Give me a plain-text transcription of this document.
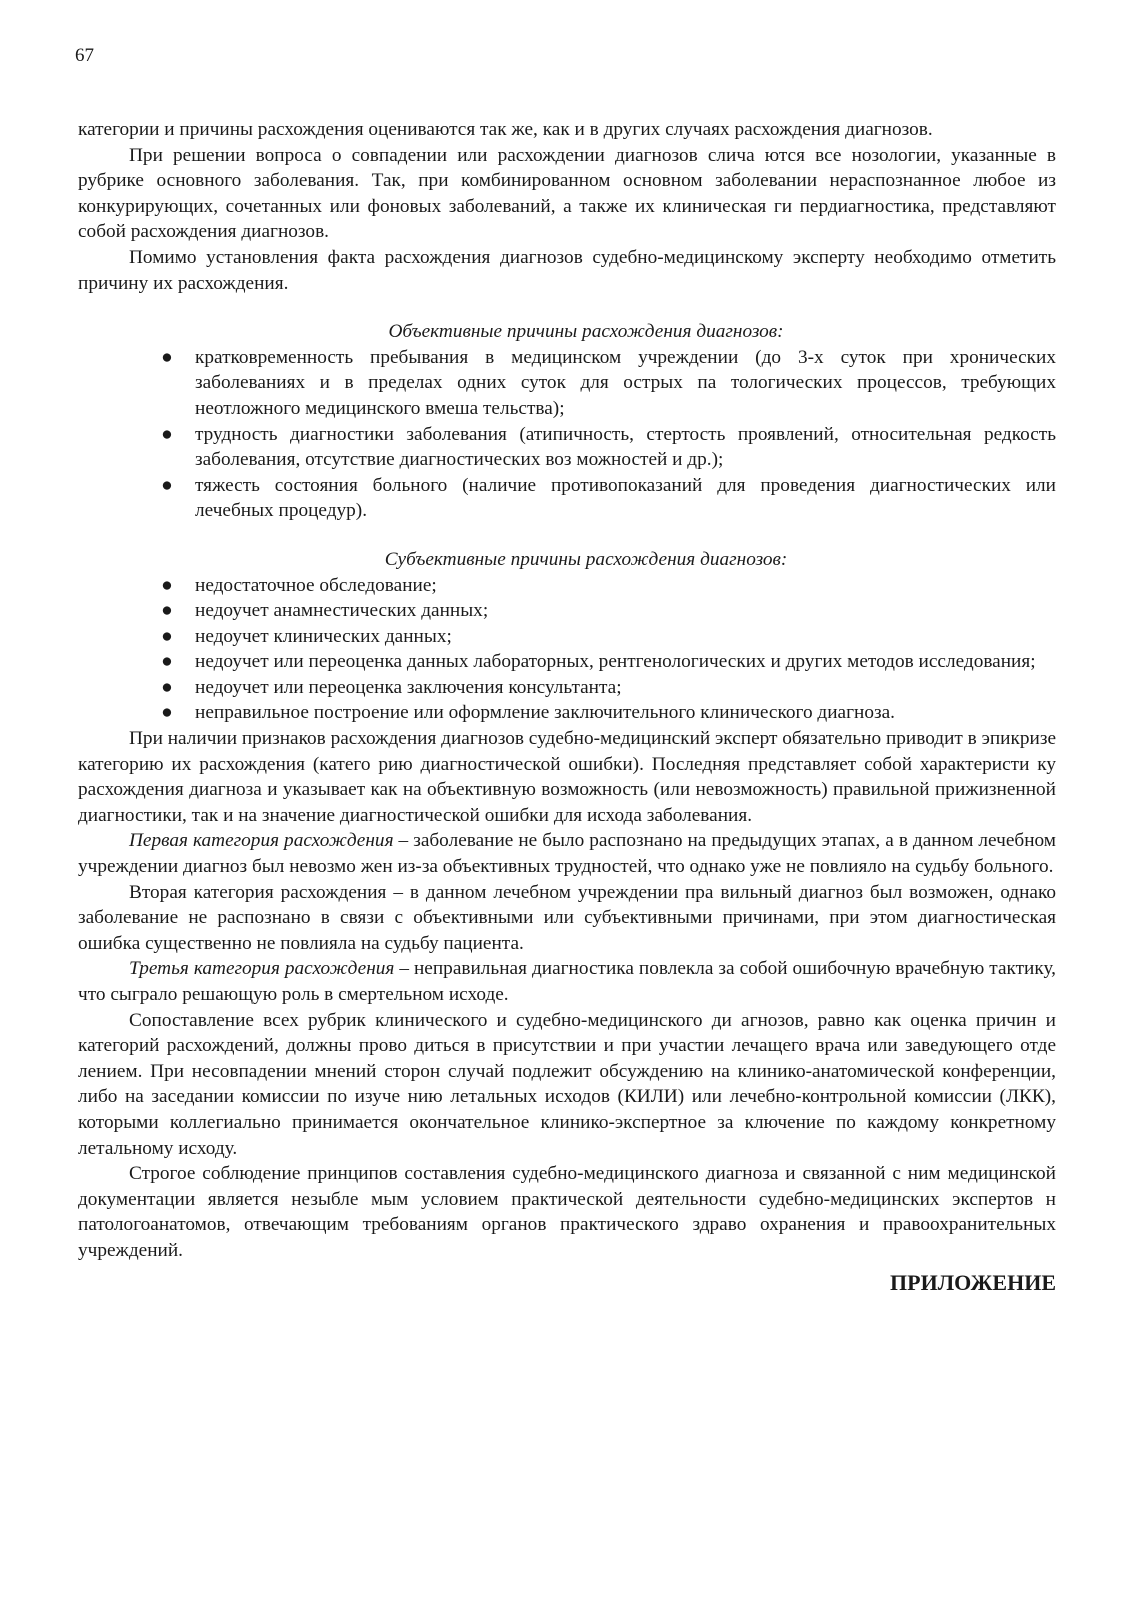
67

категории и причины расхождения оцениваются так же, как и в других случаях расхождения диагнозов.

При решении вопроса о совпадении или расхождении диагнозов слича ются все нозологии, указанные в рубрике основного заболевания. Так, при комбинированном основном заболевании нераспознанное любое из конкурирующих, сочетанных или фоновых заболеваний, а также их клиническая ги пердиагностика, представляют собой расхождения диагнозов.

Помимо установления факта расхождения диагнозов судебно-медицинскому эксперту необходимо отметить причину их расхождения.

Объективные причины расхождения диагнозов:

● кратковременность пребывания в медицинском учреждении (до 3-х суток при хронических заболеваниях и в пределах одних суток для острых па тологических процессов, требующих неотложного медицинского вмеша тельства);
● трудность диагностики заболевания (атипичность, стертость проявлений, относительная редкость заболевания, отсутствие диагностических воз можностей и др.);
● тяжесть состояния больного (наличие противопоказаний для проведения диагностических или лечебных процедур).

Субъективные причины расхождения диагнозов:

● недостаточное обследование;
● недоучет анамнестических данных;
● недоучет клинических данных;
● недоучет или переоценка данных лабораторных, рентгенологических и других методов исследования;
● недоучет или переоценка заключения консультанта;
● неправильное построение или оформление заключительного клинического диагноза.

При наличии признаков расхождения диагнозов судебно-медицинский эксперт обязательно приводит в эпикризе категорию их расхождения (катего рию диагностической ошибки). Последняя представляет собой характеристи ку расхождения диагноза и указывает как на объективную возможность (или невозможность) правильной прижизненной диагностики, так и на значение диагностической ошибки для исхода заболевания.

Первая категория расхождения – заболевание не было распознано на предыдущих этапах, а в данном лечебном учреждении диагноз был невозмо жен из-за объективных трудностей, что однако уже не повлияло на судьбу больного.

Вторая категория расхождения – в данном лечебном учреждении пра вильный диагноз был возможен, однако заболевание не распознано в связи с объективными или субъективными причинами, при этом диагностическая ошибка существенно не повлияла на судьбу пациента.

Третья категория расхождения – неправильная диагностика повлекла за собой ошибочную врачебную тактику, что сыграло решающую роль в смертельном исходе.

Сопоставление всех рубрик клинического и судебно-медицинского ди агнозов, равно как оценка причин и категорий расхождений, должны прово диться в присутствии и при участии лечащего врача или заведующего отде лением. При несовпадении мнений сторон случай подлежит обсуждению на клинико-анатомической конференции, либо на заседании комиссии по изуче нию летальных исходов (КИЛИ) или лечебно-контрольной комиссии (ЛКК), которыми коллегиально принимается окончательное клинико-экспертное за ключение по каждому конкретному летальному исходу.

Строгое соблюдение принципов составления судебно-медицинского диагноза и связанной с ним медицинской документации является незыбле мым условием практической деятельности судебно-медицинских экспертов н патологоанатомов, отвечающим требованиям органов практического здраво охранения и правоохранительных учреждений.

ПРИЛОЖЕНИЕ
